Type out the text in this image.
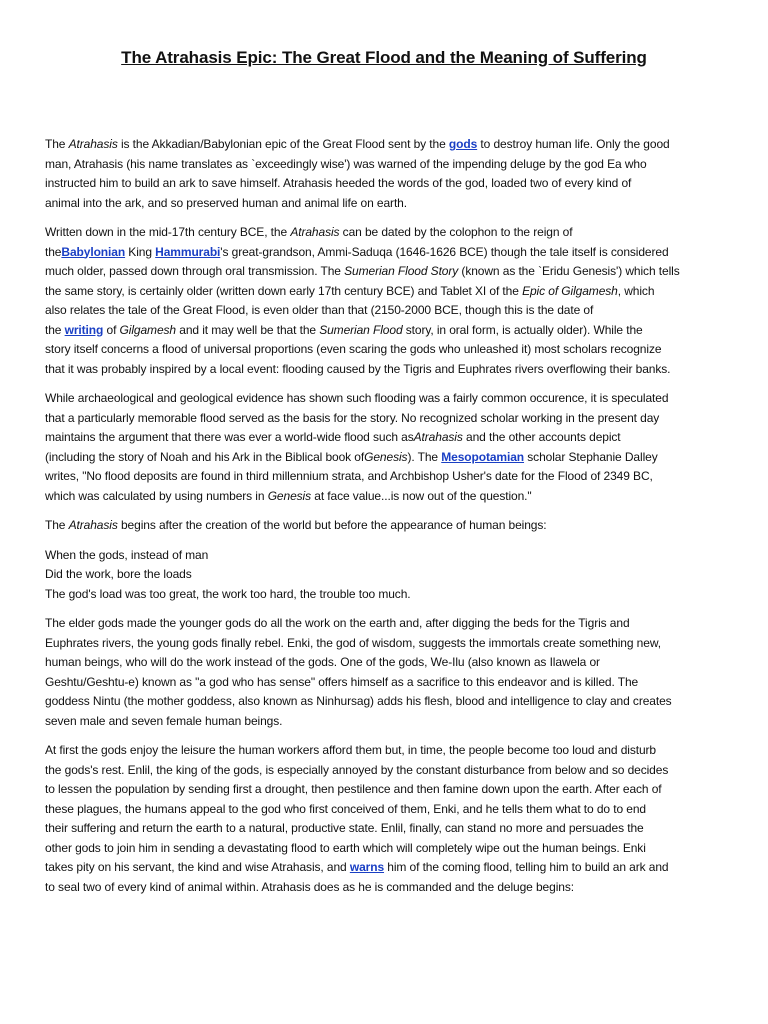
The Atrahasis Epic: The Great Flood and the Meaning of Suffering
The Atrahasis is the Akkadian/Babylonian epic of the Great Flood sent by the gods to destroy human life. Only the good
man, Atrahasis (his name translates as `exceedingly wise') was warned of the impending deluge by the god Ea who
instructed him to build an ark to save himself. Atrahasis heeded the words of the god, loaded two of every kind of
animal into the ark, and so preserved human and animal life on earth.
Written down in the mid-17th century BCE, the Atrahasis can be dated by the colophon to the reign of
theBabylonian King Hammurabi's great-grandson, Ammi-Saduqa (1646-1626 BCE) though the tale itself is considered
much older, passed down through oral transmission. The Sumerian Flood Story (known as the `Eridu Genesis') which tells
the same story, is certainly older (written down early 17th century BCE) and Tablet XI of the Epic of Gilgamesh, which
also relates the tale of the Great Flood, is even older than that (2150-2000 BCE, though this is the date of
the writing of Gilgamesh and it may well be that the Sumerian Flood story, in oral form, is actually older). While the
story itself concerns a flood of universal proportions (even scaring the gods who unleashed it) most scholars recognize
that it was probably inspired by a local event: flooding caused by the Tigris and Euphrates rivers overflowing their banks.
While archaeological and geological evidence has shown such flooding was a fairly common occurence, it is speculated
that a particularly memorable flood served as the basis for the story. No recognized scholar working in the present day
maintains the argument that there was ever a world-wide flood such asAtrahasis and the other accounts depict
(including the story of Noah and his Ark in the Biblical book ofGenesis). The Mesopotamian scholar Stephanie Dalley
writes, "No flood deposits are found in third millennium strata, and Archbishop Usher's date for the Flood of 2349 BC,
which was calculated by using numbers in Genesis at face value...is now out of the question."
The Atrahasis begins after the creation of the world but before the appearance of human beings:
When the gods, instead of man
Did the work, bore the loads
The god's load was too great, the work too hard, the trouble too much.
The elder gods made the younger gods do all the work on the earth and, after digging the beds for the Tigris and
Euphrates rivers, the young gods finally rebel. Enki, the god of wisdom, suggests the immortals create something new,
human beings, who will do the work instead of the gods. One of the gods, We-Ilu (also known as Ilawela or
Geshtu/Geshtu-e) known as "a god who has sense" offers himself as a sacrifice to this endeavor and is killed. The
goddess Nintu (the mother goddess, also known as Ninhursag) adds his flesh, blood and intelligence to clay and creates
seven male and seven female human beings.
At first the gods enjoy the leisure the human workers afford them but, in time, the people become too loud and disturb
the gods's rest. Enlil, the king of the gods, is especially annoyed by the constant disturbance from below and so decides
to lessen the population by sending first a drought, then pestilence and then famine down upon the earth. After each of
these plagues, the humans appeal to the god who first conceived of them, Enki, and he tells them what to do to end
their suffering and return the earth to a natural, productive state. Enlil, finally, can stand no more and persuades the
other gods to join him in sending a devastating flood to earth which will completely wipe out the human beings. Enki
takes pity on his servant, the kind and wise Atrahasis, and warns him of the coming flood, telling him to build an ark and
to seal two of every kind of animal within. Atrahasis does as he is commanded and the deluge begins:
